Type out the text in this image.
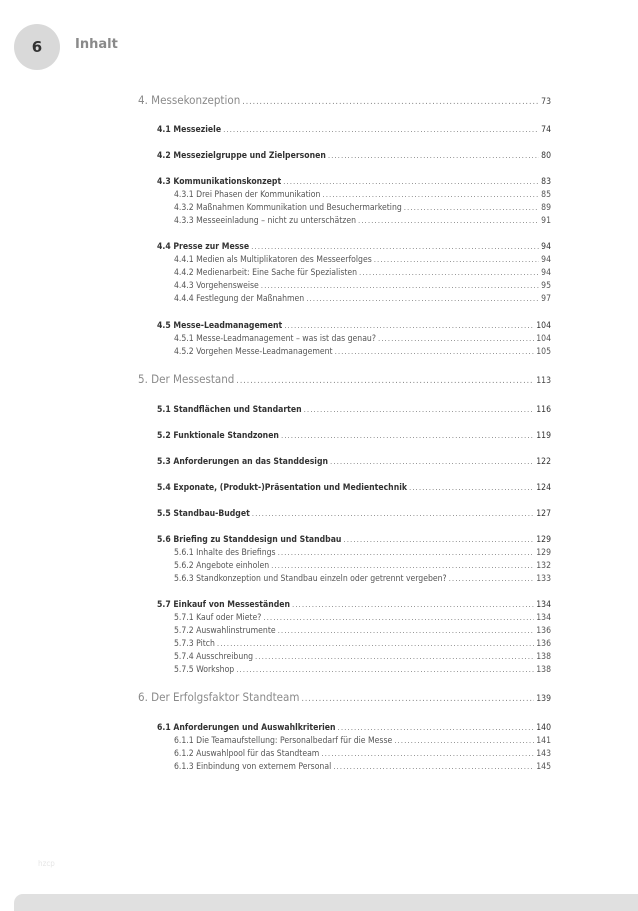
6	Inhalt
4. Messekonzeption .....	73
4.1 Messeziele .....	74
4.2 Messezielgruppe und Zielpersonen .....	80
4.3 Kommunikationskonzept .....	83
4.3.1 Drei Phasen der Kommunikation .....	85
4.3.2 Maßnahmen Kommunikation und Besuchermarketing .....	89
4.3.3 Messeeinladung – nicht zu unterschätzen .....	91
4.4 Presse zur Messe .....	94
4.4.1 Medien als Multiplikatoren des Messeerfolges .....	94
4.4.2 Medienarbeit: Eine Sache für Spezialisten .....	94
4.4.3 Vorgehensweise .....	95
4.4.4 Festlegung der Maßnahmen .....	97
4.5 Messe-Leadmanagement .....	104
4.5.1 Messe-Leadmanagement – was ist das genau? .....	104
4.5.2 Vorgehen Messe-Leadmanagement .....	105
5. Der Messestand .....	113
5.1 Standflächen und Standarten .....	116
5.2 Funktionale Standzonen .....	119
5.3 Anforderungen an das Standdesign .....	122
5.4 Exponate, (Produkt-)Präsentation und Medientechnik .....	124
5.5 Standbau-Budget .....	127
5.6 Briefing zu Standdesign und Standbau .....	129
5.6.1 Inhalte des Briefings .....	129
5.6.2 Angebote einholen .....	132
5.6.3 Standkonzeption und Standbau einzeln oder getrennt vergeben? .....	133
5.7 Einkauf von Messeständen .....	134
5.7.1 Kauf oder Miete? .....	134
5.7.2 Auswahlinstrumente .....	136
5.7.3 Pitch .....	136
5.7.4 Ausschreibung .....	138
5.7.5 Workshop .....	138
6. Der Erfolgsfaktor Standteam .....	139
6.1 Anforderungen und Auswahlkriterien .....	140
6.1.1 Die Teamaufstellung: Personalbedarf für die Messe .....	141
6.1.2 Auswahlpool für das Standteam .....	143
6.1.3 Einbindung von externem Personal .....	145
hzcp
